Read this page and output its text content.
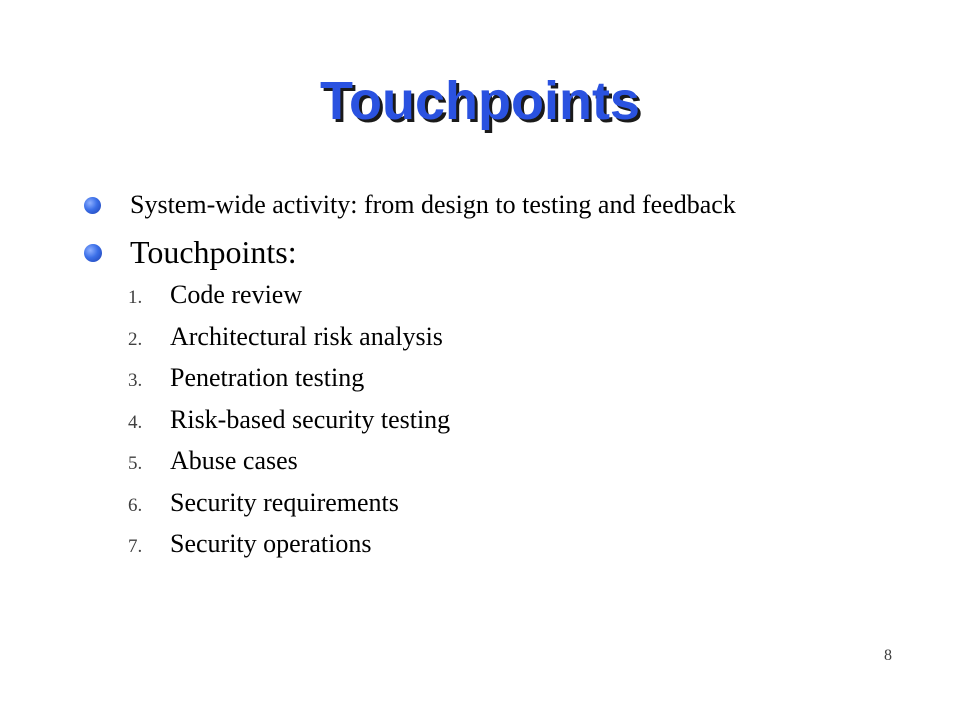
Touchpoints
System-wide activity: from design to testing and feedback
Touchpoints:
1.	Code review
2.	Architectural risk analysis
3.	Penetration testing
4.	Risk-based security testing
5.	Abuse cases
6.	Security requirements
7.	Security operations
8
